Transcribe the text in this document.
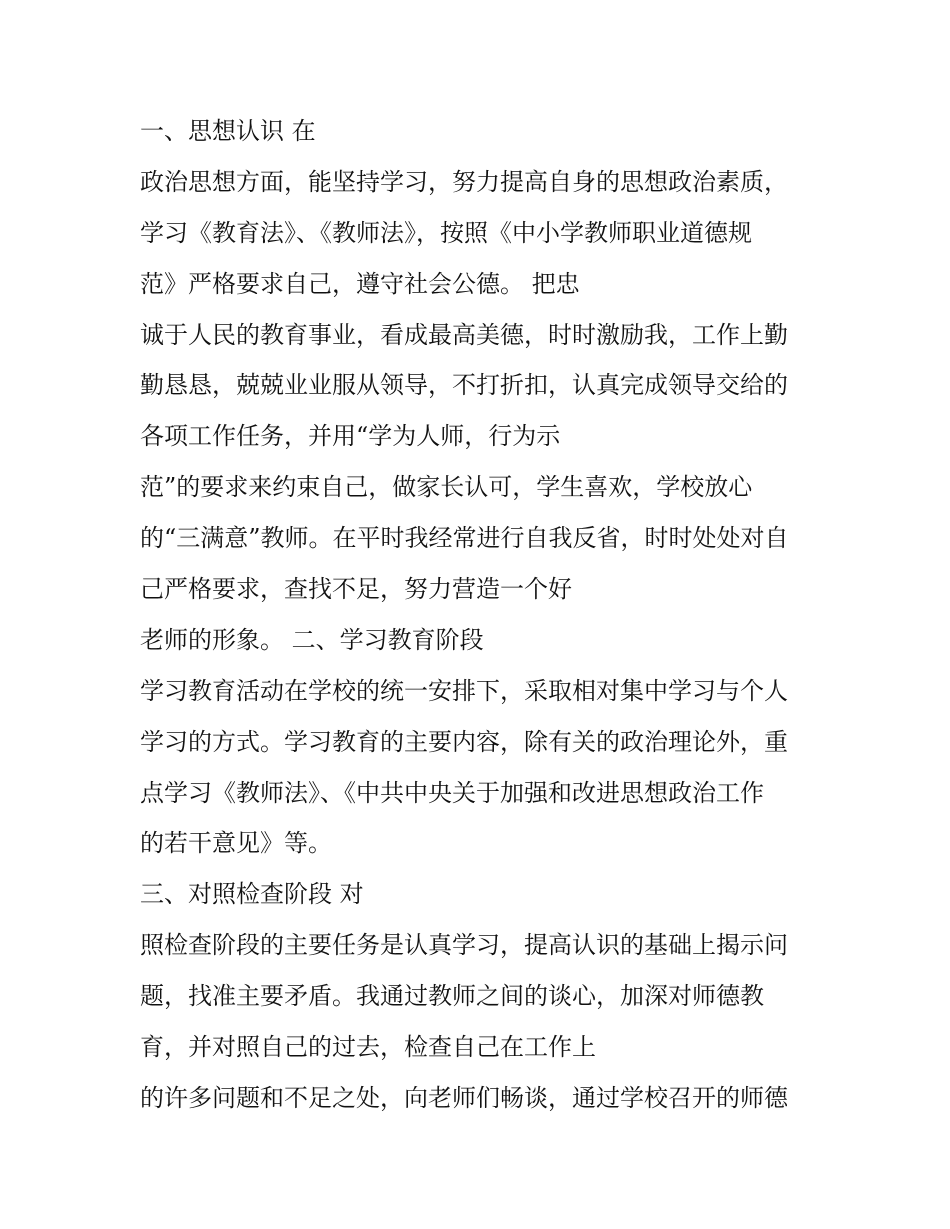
一、思想认识 在
政治思想方面，能坚持学习，努力提高自身的思想政治素质，
学习《教育法》、《教师法》，按照《中小学教师职业道德规
范》严格要求自己，遵守社会公德。 把忠
诚于人民的教育事业，看成最高美德，时时激励我，工作上勤
勤恳恳，兢兢业业服从领导，不打折扣，认真完成领导交给的
各项工作任务，并用“学为人师，行为示
范”的要求来约束自己，做家长认可，学生喜欢，学校放心
的“三满意”教师。在平时我经常进行自我反省，时时处处对自
己严格要求，查找不足，努力营造一个好
老师的形象。 二、学习教育阶段
学习教育活动在学校的统一安排下，采取相对集中学习与个人
学习的方式。学习教育的主要内容，除有关的政治理论外，重
点学习《教师法》、《中共中央关于加强和改进思想政治工作
的若干意见》等。
三、对照检查阶段 对
照检查阶段的主要任务是认真学习，提高认识的基础上揭示问
题，找准主要矛盾。我通过教师之间的谈心，加深对师德教
育，并对照自己的过去，检查自己在工作上
的许多问题和不足之处，向老师们畅谈，通过学校召开的师德
